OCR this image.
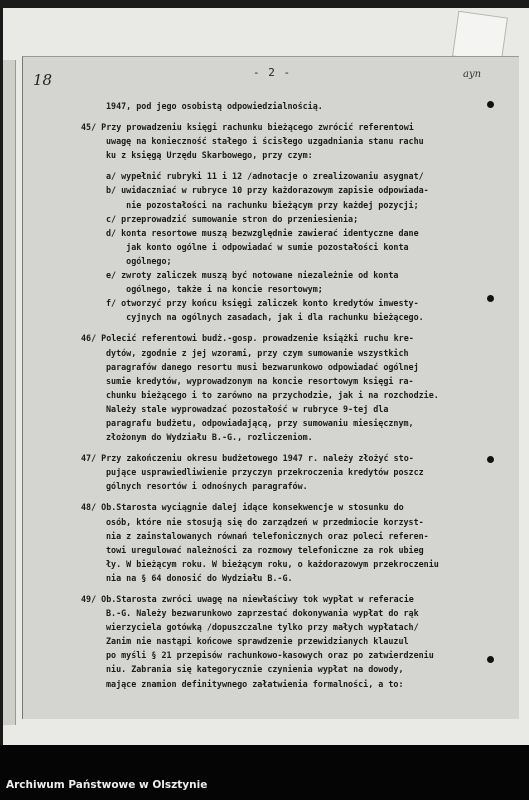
18	- 2 -	ayn
1947, pod jego osobistą odpowiedzialnością.
45/ Przy prowadzeniu księgi rachunku bieżącego zwrócić referentowi
uwagę na konieczność stałego i ścisłego uzgadniania stanu rachu
ku z księgą Urzędu Skarbowego, przy czym:
a/ wypełnić rubryki 11 i 12 /adnotacje o zrealizowaniu asygnat/
b/ uwidaczniać w rubryce 10 przy każdorazowym zapisie odpowiada-
nie pozostałości na rachunku bieżącym przy każdej pozycji;
c/ przeprowadzić sumowanie stron do przeniesienia;
d/ konta resortowe muszą bezwzględnie zawierać identyczne dane
jak konto ogólne i odpowiadać w sumie pozostałości konta
ogólnego;
e/ zwroty zaliczek muszą być notowane niezależnie od konta
ogólnego, także i na koncie resortowym;
f/ otworzyć przy końcu księgi zaliczek konto kredytów inwesty-
cyjnych na ogólnych zasadach, jak i dla rachunku bieżącego.
46/ Polecić referentowi budż.-gosp. prowadzenie książki ruchu kre-
dytów, zgodnie z jej wzorami, przy czym sumowanie wszystkich
paragrafów danego resortu musi bezwarunkowo odpowiadać ogólnej
sumie kredytów, wyprowadzonym na koncie resortowym księgi ra-
chunku bieżącego i to zarówno na przychodzie, jak i na rozchodzie.
Należy stale wyprowadzać pozostałość w rubryce 9-tej dla
paragrafu budżetu, odpowiadającą, przy sumowaniu miesięcznym,
złożonym do Wydziału B.-G., rozliczeniom.
47/ Przy zakończeniu okresu budżetowego 1947 r. należy złożyć sto-
pujące usprawiedliwienie przyczyn przekroczenia kredytów poszcz
gólnych resortów i odnośnych paragrafów.
48/ Ob.Starosta wyciągnie dalej idące konsekwencje w stosunku do
osób, które nie stosują się do zarządzeń w przedmiocie korzyst-
nia z zainstalowanych równań telefonicznych oraz poleci referen-
towi uregulować należności za rozmowy telefoniczne za rok ubieg
ły. W bieżącym roku. W bieżącym roku, o każdorazowym przekroczeniu
nia na § 64 donosić do Wydziału B.-G.
49/ Ob.Starosta zwróci uwagę na niewłaściwy tok wypłat w referacie
B.-G. Należy bezwarunkowo zaprzestać dokonywania wypłat do rąk
wierzyciela gotówką /dopuszczalne tylko przy małych wypłatach/
Zanim nie nastąpi końcowe sprawdzenie przewidzianych klauzul
po myśli § 21 przepisów rachunkowo-kasowych oraz po zatwierdzeniu
niu. Zabrania się kategorycznie czynienia wypłat na dowody,
mające znamion definitywnego załatwienia formalności, a to:
Archiwum Państwowe w Olsztynie
